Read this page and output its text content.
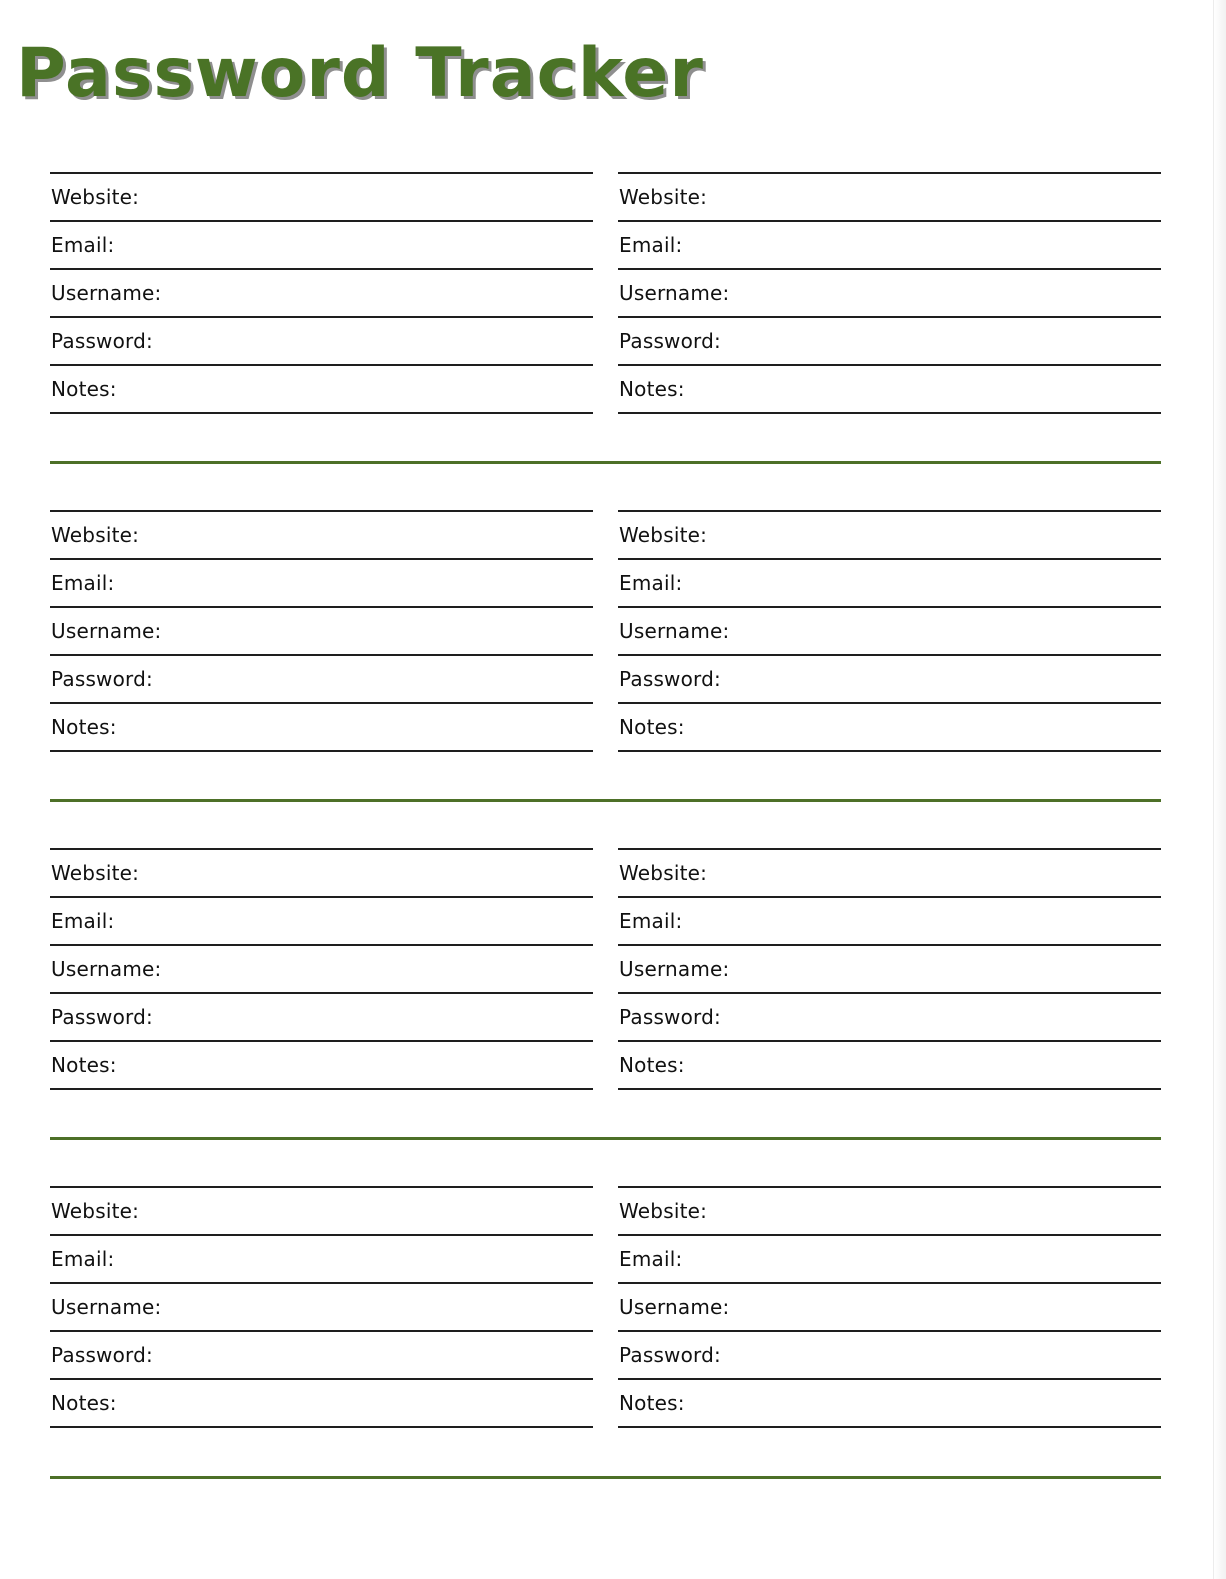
Password Tracker
Website:
Email:
Username:
Password:
Notes:
Website:
Email:
Username:
Password:
Notes:
Website:
Email:
Username:
Password:
Notes:
Website:
Email:
Username:
Password:
Notes:
Website:
Email:
Username:
Password:
Notes:
Website:
Email:
Username:
Password:
Notes:
Website:
Email:
Username:
Password:
Notes:
Website:
Email:
Username:
Password:
Notes:
